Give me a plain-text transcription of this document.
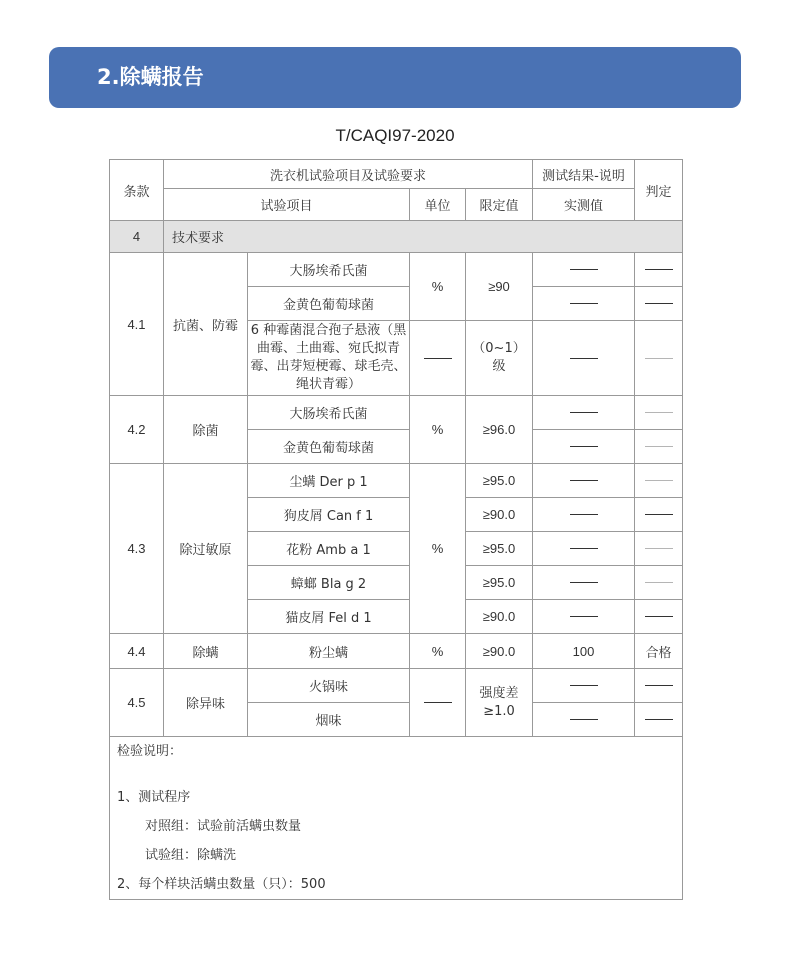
2.除螨报告
T/CAQI97-2020
条款	洗衣机试验项目及试验要求				测试结果-说明	判定
	试验项目		单位	限定值	实测值	
4	技术要求					
4.1	抗菌、防霉	大肠埃希氏菌	%	≥90		
		金黄色葡萄球菌				
		6 种霉菌混合孢子悬液（黑曲霉、土曲霉、宛氏拟青霉、出芽短梗霉、球毛壳、绳状青霉）		（0~1）级		
4.2	除菌	大肠埃希氏菌	%	≥96.0		
		金黄色葡萄球菌				
4.3	除过敏原	尘螨 Der p 1	%	≥95.0		
		狗皮屑 Can f 1		≥90.0		
		花粉 Amb a 1		≥95.0		
		蟑螂 Bla g 2		≥95.0		
		猫皮屑 Fel d 1		≥90.0		
4.4	除螨	粉尘螨	%	≥90.0	100	合格
4.5	除异味	火锅味		强度差≥1.0		
		烟味				

检验说明：
1、测试程序
对照组：试验前活螨虫数量
试验组：除螨洗
2、每个样块活螨虫数量（只）：500						
